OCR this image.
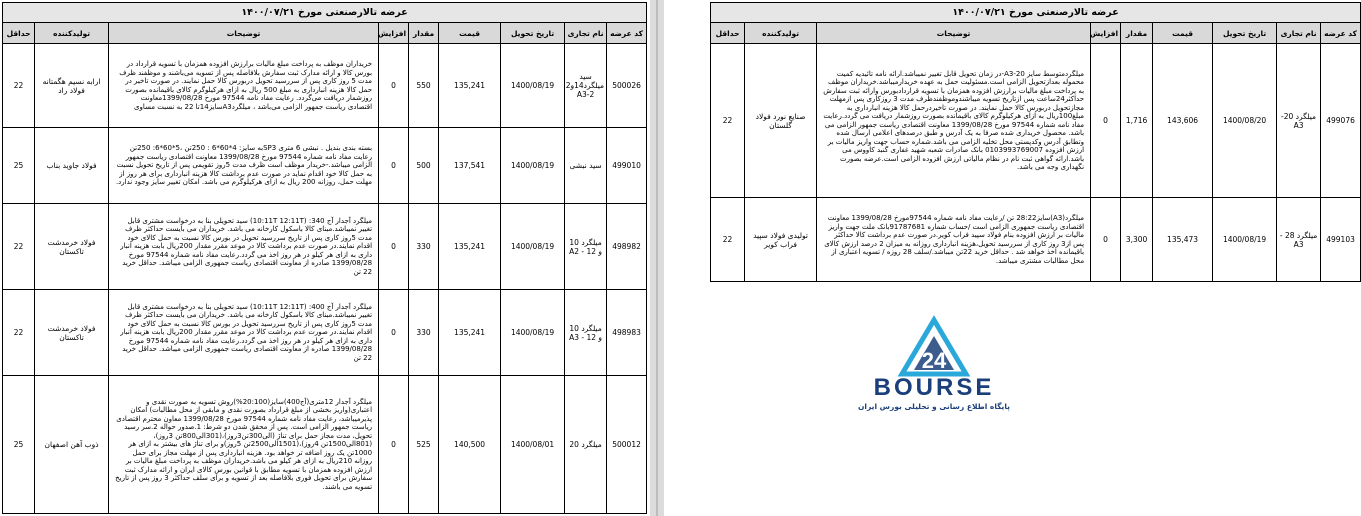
عرضه تالارصنعتی مورخ ۱۴۰۰/۰۷/۲۱								
کد عرضه	نام تجاری	تاریخ تحویل	قیمت	مقدار	افزایش	توضیحات	تولیدکننده	حداقل
500026	سید میلگرد14و2 A3-2	1400/08/19	135,241	550	0	خریداران موظف به پرداخت مبلغ مالیات برارزش افزوده همزمان با تسویه قرارداد در بورس کالا و ارائه مدارک ثبت سفارش بلافاصله پس از تسویه می‌باشند و موظفند ظرف مدت 5 روز کاری پس از سررسید تحویل دربورس کالا حمل نمایند. در صورت تاخیر در حمل کالا هزینه انبارداری به مبلغ 500 ریال به ازای هرکیلوگرم کالای باقیمانده بصورت روزشمار دریافت می‌گردد. رعایت مفاد نامه 97544 مورخ 1399/08/28معاونت اقتصادی ریاست جمهور الزامی می‌باشد ، میلگردA3سایز14تا 22 به نسبت مساوی	ارابه نسیم هگمتانه فولاد راد	22
499010	سید نبشی	1400/08/19	137,541	500	0	بسته بندی بندیل . نبشی 6 متری SP3به سایز: 4*60*6 : 250تن ،5*60*6: 250تن رعایت مفاد نامه شماره 97544 مورخ 1399/08/28 معاونت اقتصادی ریاست جمهور الزامی میباشد.-خریدار موظف است ظرف مدت 5روز تقویمی پس از تاریخ تحویل نسبت به حمل کالا خود اقدام نماید در صورت عدم برداشت کالا هزینه انبارداری برای هر روز از مهلت حمل، روزانه 200 ریال به ازای هرکیلوگرم می باشد. امکان تغییر سایز وجود ندارد.	فولاد جاوید بناب	25
498982	میلگرد 10 و 12 - A2	1400/08/19	135,241	330	0	میلگرد آجدار آج 340: (10:11T 12:11T) سید تحویلی بنا به درخواست مشتری قابل تغییر نمیباشد.مبنای کالا باسکول کارخانه می باشد. خریداران می بایست حداکثر ظرف مدت 5روز کاری پس از تاریخ سررسید تحویل در بورس کالا نسبت به حمل کالای خود اقدام نمایند.در صورت عدم برداشت کالا در موعد مقرر مقدار 200ریال بابت هزینه انبار داری به ازای هر کیلو در هر روز اخذ می گردد.رعایت مفاد نامه شماره 97544 مورخ 1399/08/28 صادره از معاونت اقتصادی ریاست جمهوری الزامی میباشد. حداقل خرید 22 تن	فولاد خرمدشت تاکستان	22
498983	میلگرد 10 و 12 - A3	1400/08/19	135,241	330	0	میلگرد آجدار آج 400: (10:11T 12:11T) سید تحویلی بنا به درخواست مشتری قابل تغییر نمیباشد.مبنای کالا باسکول کارخانه می باشد. خریداران می بایست حداکثر ظرف مدت 5روز کاری پس از تاریخ سررسید تحویل در بورس کالا نسبت به حمل کالای خود اقدام نمایند.در صورت عدم برداشت کالا در موعد مقرر مقدار 200ریال بابت هزینه انبار داری به ازای هر کیلو در هر روز اخذ می گردد.رعایت مفاد نامه شماره 97544 مورخ 1399/08/28 صادره از معاونت اقتصادی ریاست جمهوری الزامی میباشد. حداقل خرید 22 تن	فولاد خرمدشت تاکستان	22
500012	میلگرد 20	1400/08/01	140,500	525	0	میلگرد آجدار 12متری(آج400)سایز(20:100%)روش تسویه به صورت نقدی و اعتباری(واریز بخشی از مبلغ قرارداد بصورت نقدی و مابقی از محل مطالبات) امکان پذیرمیباشد، رعایت مفاد نامه شماره 97544 مورخ 1399/08/28 معاون محترم اقتصادی ریاست جمهور الزامی است. پس از محقق شدن دو شرط: 1.صدور حواله 2.سر رسید تحویل، مدت مجاز حمل برای تناژ (الی300تن3روز)،(301الی800تن 3روز)،(801الی1500تن 4روز)،(1501الی2500تن 5روز)و برای تناژ های بیشتر به ازای هر 1000تن یک روز اضافه تر خواهد بود. هزینه انبارداری پس از مهلت مجاز برای حمل روزانه 210ریال به ازای هر کیلو می باشد.خریداران موظف به پرداخت مبلغ مالیات بر ارزش افزوده همزمان با تسویه مطابق با قوانین بورس کالای ایران و ارائه مدارک ثبت سفارش برای تحویل فوری بلافاصله بعد از تسویه و برای سلف حداکثر 3 روز پس از تاریخ تسویه می باشند.	ذوب آهن اصفهان	25
عرضه تالارصنعتی مورخ ۱۴۰۰/۰۷/۲۱								
کد عرضه	نام تجاری	تاریخ تحویل	قیمت	مقدار	افزایش	توضیحات	تولیدکننده	حداقل
499076	میلگرد 20- A3	1400/08/20	143,606	1,716	0	میلگردمتوسط سایز 20-A3-در زمان تحویل قابل تغییر نمیباشد.ارائه نامه تائیدیه کمیت محموله بعدازتحویل الزامی است.مسئولیت حمل به عهده خریدارمیباشد.خریداران موظف به پرداخت مبلغ مالیات برارزش افزوده همزمان با تسویه قراردادبورس وارائه ثبت سفارش حداکثر24ساعت پس ازتاریخ تسویه میباشندوموظفندظرف مدت 3 روزکاری پس ازمهلت مجازتحویل دربورس کالا حمل نمایند. در صورت تاخیردرحمل کالا هزینه انبارداری به مبلغ100ریال به ازای هرکیلوگرم کالای باقیمانده بصورت روزشمار دریافت می گردد.رعایت مفاد نامه شماره 97544 مورخ 1399/08/28 معاونت اقتصادی ریاست جمهور الزامی می باشد. محصول خریداری شده صرفا به یک آدرس و طبق درصدهای اعلامی ارسال شده وتطابق آدرس وکدپستی محل تخلیه الزامی می باشد.شماره حساب جهت واریز مالیات بر ارزش افزوده 0103993769007 بانک صادرات شعبه شهید غفاری گنبد کاووس می باشد.ارائه گواهی ثبت نام در نظام مالیاتی ارزش افزوده الزامی است.عرضه بصورت نگهداری وجه می باشد.	صنایع نورد فولاد گلستان	22
499103	میلگرد 28 - A3	1400/08/19	135,473	3,300	0	میلگرد(A3)سایز28:22 تن /رعایت مفاد نامه شماره 97544مورخ 1399/08/28 معاونت اقتصادی ریاست جمهوری الزامی است /حساب شماره 91787681بانک ملت جهت واریز مالیات بر ارزش افزوده بنام فولاد سپید فراب کویر.در صورت عدم برداشت کالا حداکثر پس از3 روز کاری از سررسید تحویل،هزینه انبارداری روزانه به میزان 2 درصد ارزش کالای باقیمانده اخذ خواهد شد . حداقل خرید 22تن میباشد./سلف 28 روزه / تسویه اعتباری از محل مطالبات مشتری میباشد.	تولیدی فولاد سپید فراب کویر	22
24
BOURSE
پایگاه اطلاع رسانی و تحلیلی بورس ایران
